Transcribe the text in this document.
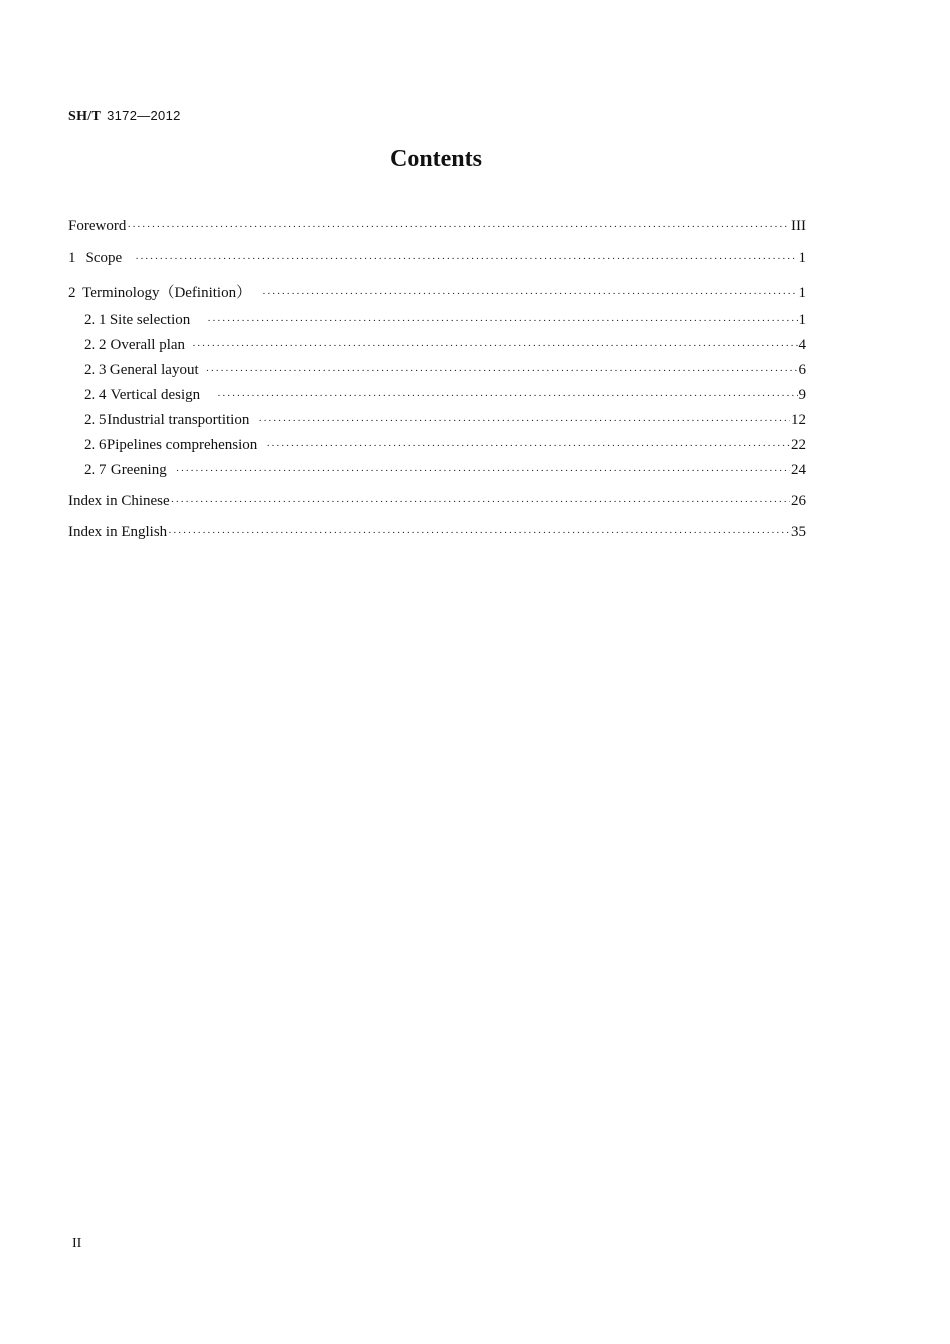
SH/T 3172—2012
Contents
Foreword ·····	III
1 Scope ·····	1
2 Terminology（Definition） ·····	1
2. 1 Site selection ·····	1
2. 2 Overall plan ·····	4
2. 3 General layout ·····	6
2. 4 Vertical design ·····	9
2. 5 Industrial transportition ·····	12
2. 6 Pipelines comprehension ·····	22
2. 7 Greening ·····	24
Index in Chinese ·····	26
Index in English ·····	35
II
